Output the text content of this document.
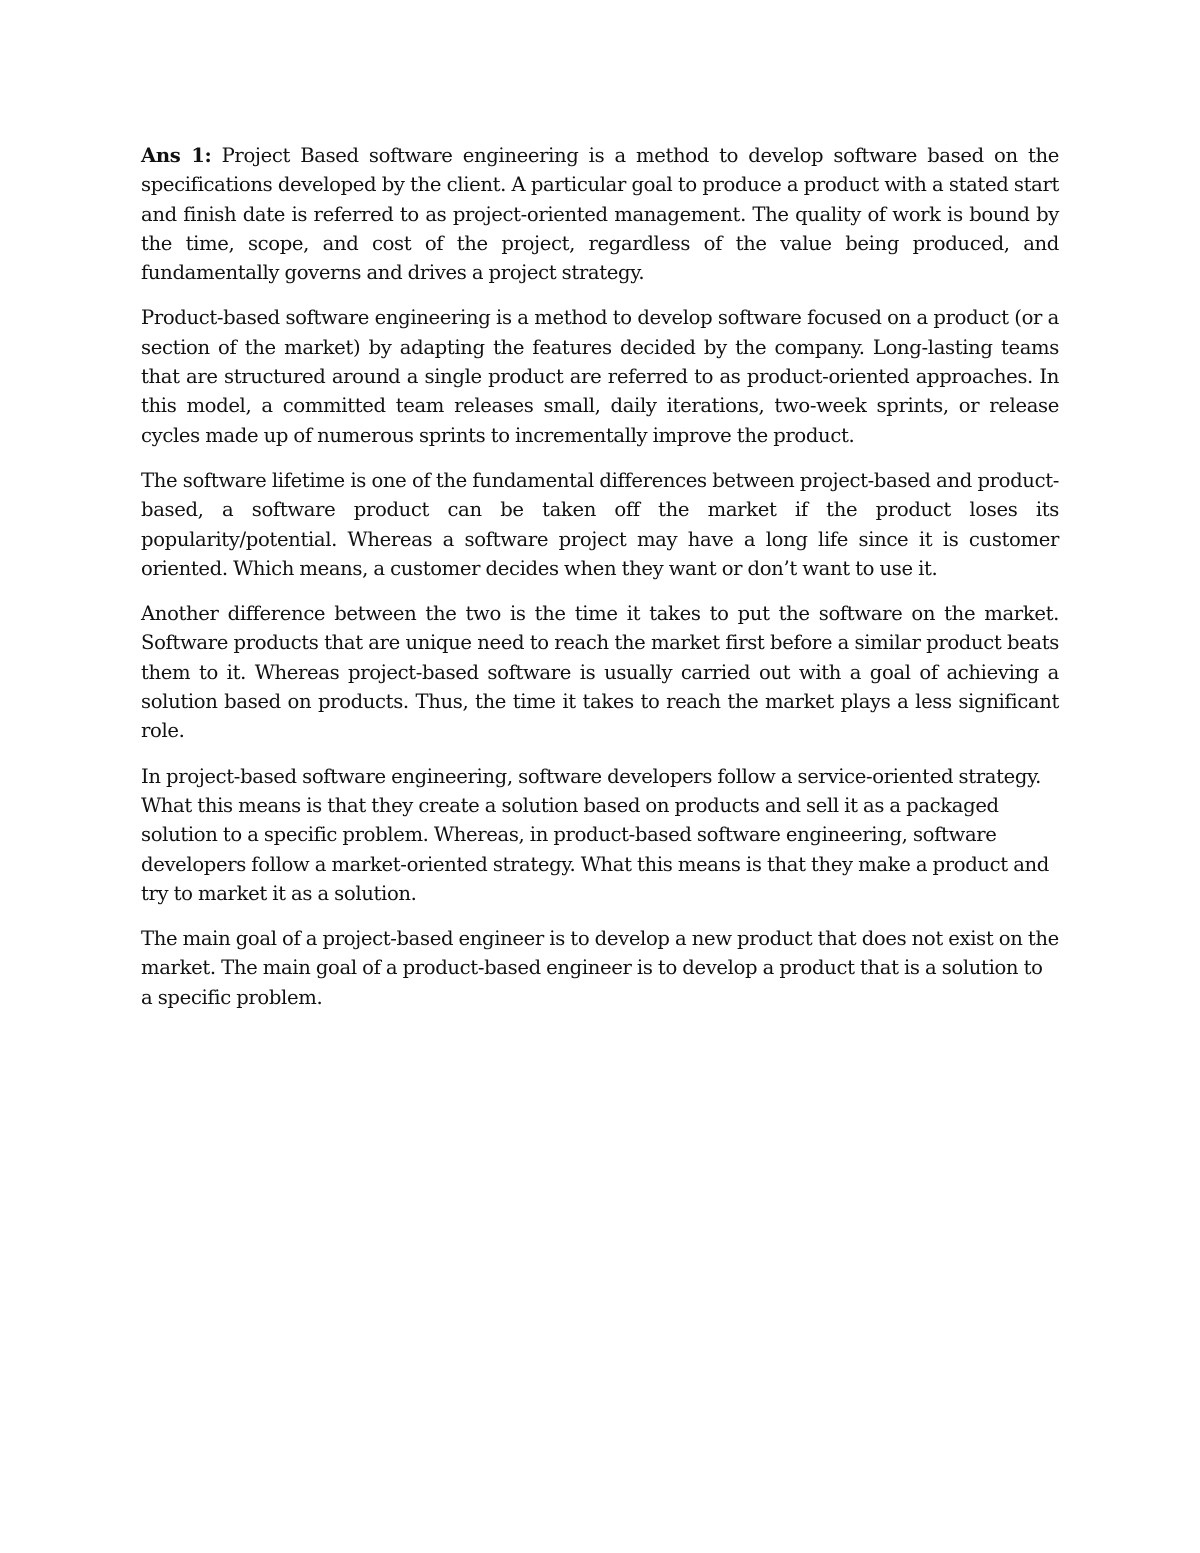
Ans 1: Project Based software engineering is a method to develop software based on the specifications developed by the client. A particular goal to produce a product with a stated start and finish date is referred to as project-oriented management. The quality of work is bound by the time, scope, and cost of the project, regardless of the value being produced, and fundamentally governs and drives a project strategy.

Product-based software engineering is a method to develop software focused on a product (or a section of the market) by adapting the features decided by the company. Long-lasting teams that are structured around a single product are referred to as product-oriented approaches. In this model, a committed team releases small, daily iterations, two-week sprints, or release cycles made up of numerous sprints to incrementally improve the product.

The software lifetime is one of the fundamental differences between project-based and product-based, a software product can be taken off the market if the product loses its popularity/potential. Whereas a software project may have a long life since it is customer oriented. Which means, a customer decides when they want or don’t want to use it.

Another difference between the two is the time it takes to put the software on the market. Software products that are unique need to reach the market first before a similar product beats them to it. Whereas project-based software is usually carried out with a goal of achieving a solution based on products. Thus, the time it takes to reach the market plays a less significant role.

In project-based software engineering, software developers follow a service-oriented strategy. What this means is that they create a solution based on products and sell it as a packaged solution to a specific problem. Whereas, in product-based software engineering, software developers follow a market-oriented strategy. What this means is that they make a product and try to market it as a solution.

The main goal of a project-based engineer is to develop a new product that does not exist on the market. The main goal of a product-based engineer is to develop a product that is a solution to a specific problem.
